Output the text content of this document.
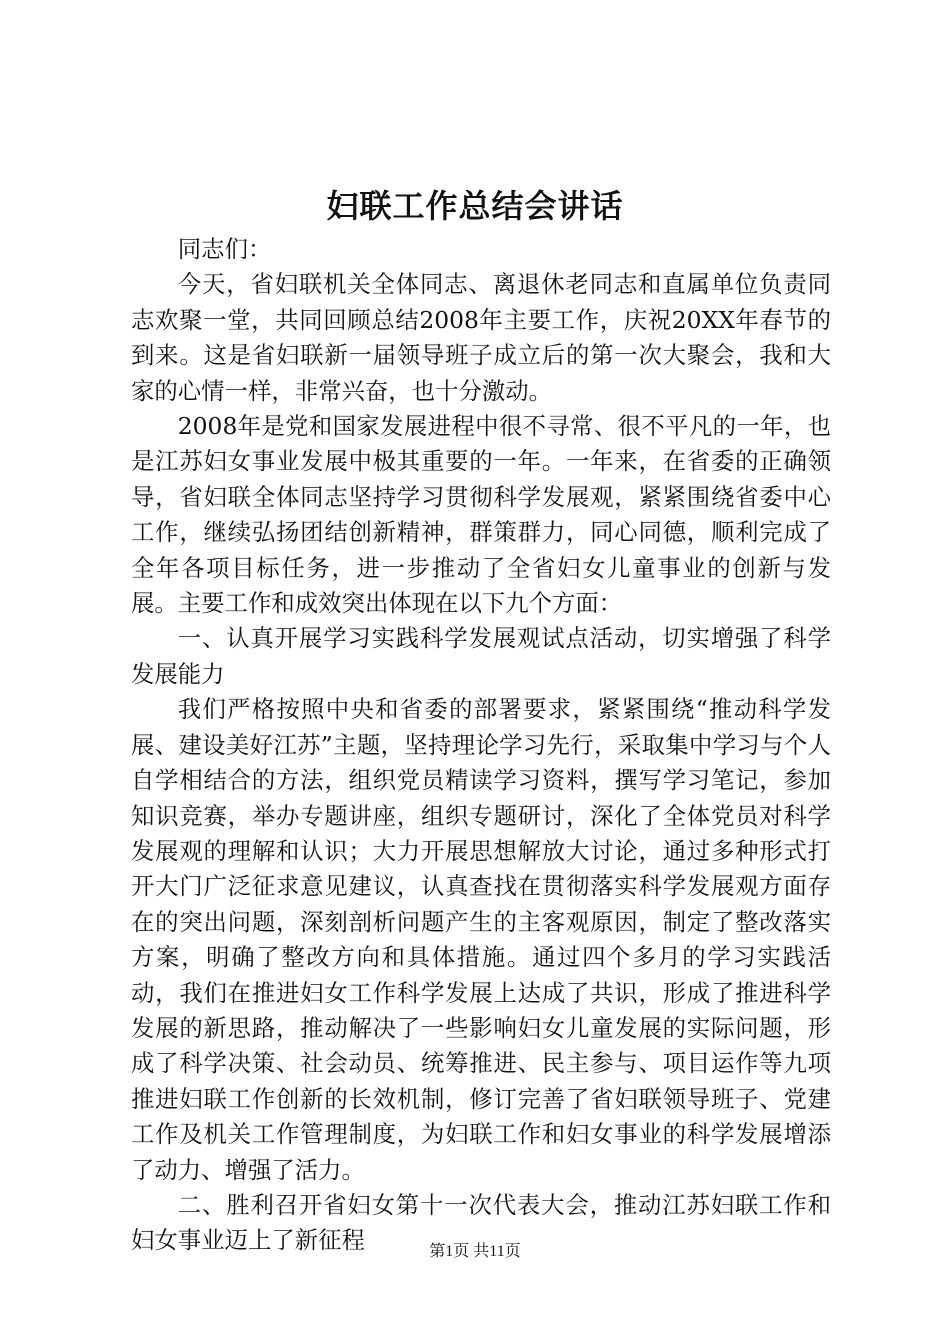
妇联工作总结会讲话

同志们：

今天，省妇联机关全体同志、离退休老同志和直属单位负责同志欢聚一堂，共同回顾总结2008年主要工作，庆祝20XX年春节的到来。这是省妇联新一届领导班子成立后的第一次大聚会，我和大家的心情一样，非常兴奋，也十分激动。

2008年是党和国家发展进程中很不寻常、很不平凡的一年，也是江苏妇女事业发展中极其重要的一年。一年来，在省委的正确领导，省妇联全体同志坚持学习贯彻科学发展观，紧紧围绕省委中心工作，继续弘扬团结创新精神，群策群力，同心同德，顺利完成了全年各项目标任务，进一步推动了全省妇女儿童事业的创新与发展。主要工作和成效突出体现在以下九个方面：

一、认真开展学习实践科学发展观试点活动，切实增强了科学发展能力

我们严格按照中央和省委的部署要求，紧紧围绕“推动科学发展、建设美好江苏”主题，坚持理论学习先行，采取集中学习与个人自学相结合的方法，组织党员精读学习资料，撰写学习笔记，参加知识竞赛，举办专题讲座，组织专题研讨，深化了全体党员对科学发展观的理解和认识；大力开展思想解放大讨论，通过多种形式打开大门广泛征求意见建议，认真查找在贯彻落实科学发展观方面存在的突出问题，深刻剖析问题产生的主客观原因，制定了整改落实方案，明确了整改方向和具体措施。通过四个多月的学习实践活动，我们在推进妇女工作科学发展上达成了共识，形成了推进科学发展的新思路，推动解决了一些影响妇女儿童发展的实际问题，形成了科学决策、社会动员、统筹推进、民主参与、项目运作等九项推进妇联工作创新的长效机制，修订完善了省妇联领导班子、党建工作及机关工作管理制度，为妇联工作和妇女事业的科学发展增添了动力、增强了活力。

二、胜利召开省妇女第十一次代表大会，推动江苏妇联工作和妇女事业迈上了新征程	第1页 共11页
